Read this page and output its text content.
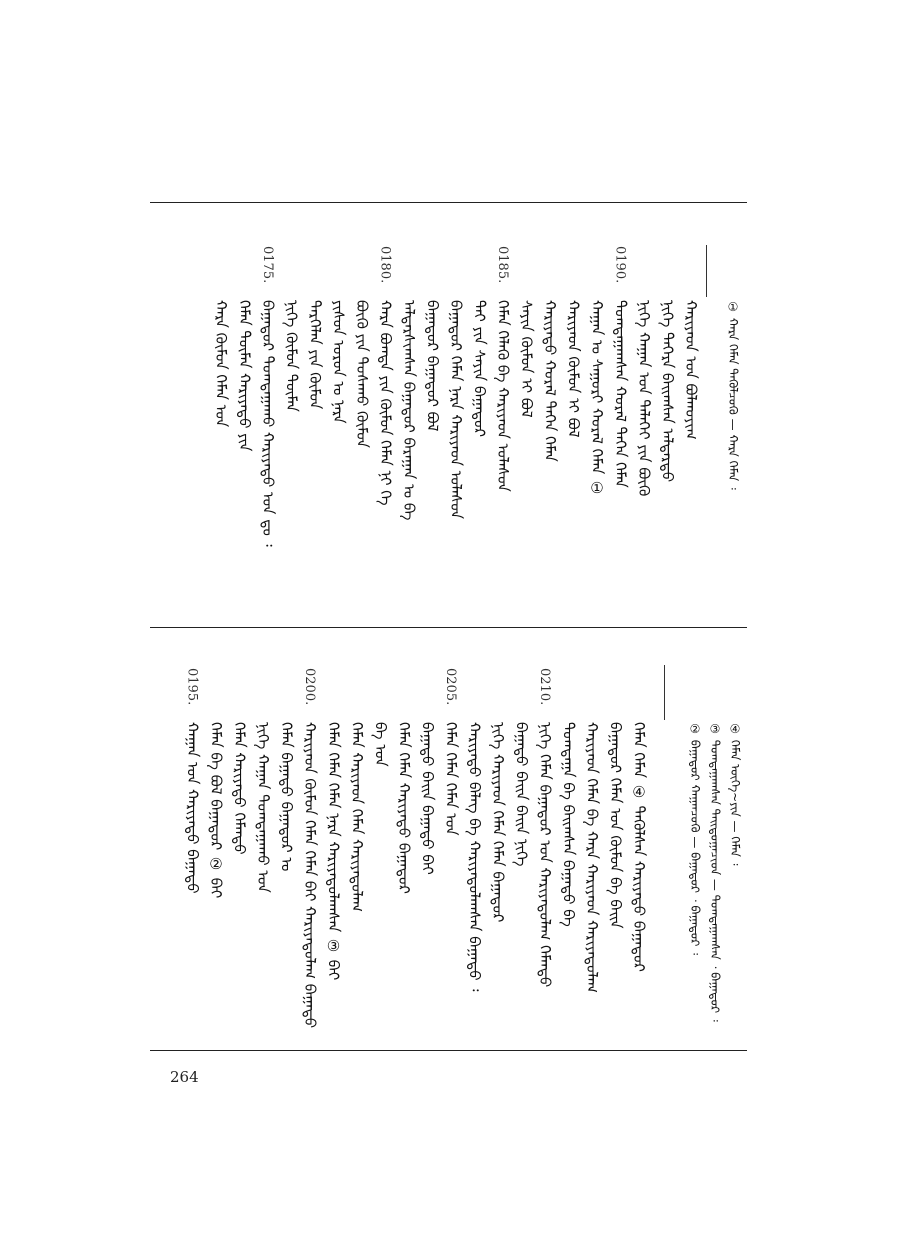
① ᠬᠠᠷᠠ ᠬᠡᠮᠡᠨ ᠲᠡᠭᠦᠯᠴᠦᠭᠦ — ᠬᠠᠷᠠ ᠬᠡᠮᠡᠨ ᠄
ᠬᠠᠷᠢᠶᠠᠳ ᠤᠨ ᠪᠣᠯᠬᠤᠶᠢᠭ
ᠨᠢᠭᠡ ᠳᠡᠭᠡᠷᠡ ᠪᠠᠢᠭᠰᠠᠨ ᠠᠯᠳᠠᠷᠲᠤ
ᠨᠢᠭᠡ ᠬᠠᠭᠠᠨ ᠤᠨ ᠳᠡᠯᠡᠬᠡᠢ ᠶᠢᠨ ᠪᠦᠬᠦ
ᠲᠣᠭᠲᠠᠭᠠᠭᠰᠠᠨ ᠬᠤᠷᠠᠯ ᠲᠡᠭᠡᠨ ᠬᠡᠮᠡᠨ
0190.
ᠬᠠᠭᠠᠨ ᠤ ᠰᠠᠭᠤᠷᠢ ᠬᠤᠷᠠᠯ ᠬᠡᠮᠡᠨ ①
ᠬᠠᠷᠢᠶᠠᠳ ᠬᠦᠮᠦᠨ ᠢ ᠪᠣᠯ
ᠬᠠᠷᠢᠶᠠᠲᠤ ᠬᠤᠷᠠᠯ ᠲᠡᠭᠡᠨ ᠬᠡᠮᠡᠨ
ᠰᠠᠶᠢᠨ ᠬᠦᠮᠦᠨ ᠢ ᠪᠣᠯ
ᠬᠡᠮᠡᠨ ᠬᠡᠯᠡᠬᠦ ᠪᠠ ᠬᠠᠷᠢᠶᠠᠳ ᠤᠯᠠᠰᠤᠨ
0185.
ᠲᠠᠢ ᠶᠢᠨ ᠰᠠᠶᠢᠨ ᠪᠠᠭᠠᠳᠤᠷ
ᠪᠠᠭᠠᠲᠤᠷ ᠬᠡᠮᠡᠨ ᠨᠡᠷᠡ ᠬᠠᠷᠢᠶᠠᠳ ᠤᠯᠠᠰᠤᠨ
ᠪᠠᠭᠠᠳᠤᠷ ᠪᠠᠭᠠᠳᠤᠷ ᠪᠣᠯ
ᠠᠯᠳᠠᠷᠰᠢᠭᠰᠠᠨ ᠪᠠᠭᠠᠲᠤᠷ ᠪᠠᠷᠠᠭᠠᠨ ᠤ ᠪᠠ
ᠬᠠᠷᠠ ᠪᠣᠭᠳᠠ ᠶᠢᠨ ᠬᠦᠮᠦᠨ ᠬᠡᠮᠡᠨ ᠨᠢ ᠭᠡ
0180.
ᠪᠦᠬᠦ ᠶᠢᠨ ᠲᠣᠰᠠᠬᠤ ᠬᠦᠮᠦᠨ
ᠶᠢᠰᠦᠨ ᠣᠷᠣᠨ ᠤ ᠨᠡᠷᠡ
ᠲᠡᠷᠭᠡᠯᠡᠨ ᠶᠢᠨ ᠬᠦᠮᠦᠨ
ᠨᠢᠭᠡ ᠬᠦᠮᠦᠨ ᠲᠦᠮᠡᠨ
ᠪᠠᠭᠠᠳᠤᠷ ᠲᠣᠭᠲᠠᠭᠠᠬᠤ ᠬᠠᠷᠢᠶᠠᠲᠤ ᠤᠨ ᠳᠤ ᠄
0175.
ᠬᠡᠮᠡᠨ ᠲᠦᠮᠡᠨ ᠬᠠᠷᠢᠶᠠᠲᠤ ᠶᠢᠨ
ᠬᠠᠷᠠ ᠬᠦᠮᠦᠨ ᠬᠡᠮᠡᠨ ᠤᠨ
④ ᠬᠡᠮᠡᠨ ᠦᠭᠡ~ᠶᠢᠨ — ᠬᠡᠮᠡᠨ ᠄
③ ᠲᠣᠭᠲᠠᠭᠠᠭᠰᠠᠨ ᠲᠠᠢᠳᠤᠭᠠᠴᠢᠳ — ᠲᠣᠭᠲᠠᠭᠠᠭᠰᠠᠨ ᠂ ᠪᠠᠭᠠᠳᠤᠷ ᠄
② ᠪᠠᠭᠠᠳᠤᠷ ᠬᠠᠭᠠᠨᠴᠦᠭᠦ — ᠪᠠᠭᠠᠳᠤᠷ ᠂ ᠪᠠᠭᠠᠲᠤᠷ ᠄
ᠬᠡᠮᠡᠨ ᠬᠡᠮᠡᠨ ④ ᠲᠡᠭᠦᠯᠰᠡᠨ ᠬᠠᠷᠢᠶᠠᠲᠤ ᠪᠠᠭᠠᠲᠤᠷ
ᠪᠠᠭᠠᠳᠤᠷ ᠬᠡᠮᠡᠨ ᠤᠨ ᠬᠦᠮᠦᠨ ᠪᠡ ᠪᠠᠢᠨ
ᠬᠠᠷᠢᠶᠠᠳ ᠬᠡᠮᠡᠨ ᠪᠡ ᠬᠠᠷᠠ ᠬᠠᠷᠢᠶᠠᠳ ᠬᠠᠷᠢᠶᠠᠲᠤᠯᠠᠭ
ᠲᠣᠭᠲᠠᠭᠠ ᠪᠡ ᠪᠠᠢᠭᠰᠠᠨ ᠪᠠᠭᠠᠲᠤ ᠪᠡ
ᠨᠢᠭᠡ ᠬᠡᠮᠡᠨ ᠪᠠᠭᠠᠲᠤᠷ ᠤᠨ ᠬᠠᠷᠢᠶᠠᠲᠤᠯᠠᠭ ᠬᠡᠮᠡᠨᠲᠦ
0210.
ᠪᠠᠭᠠᠲᠤ ᠪᠠᠢᠨ ᠪᠠᠢᠨ ᠨᠢᠭᠡ
ᠨᠢᠭᠡ ᠬᠠᠷᠢᠶᠠᠳ ᠬᠡᠮᠡᠨ ᠬᠡᠮᠡᠨ ᠪᠠᠭᠠᠳᠤᠷ
ᠬᠠᠷᠢᠶᠠᠲᠤ ᠪᠡᠯᠡᠭ ᠪᠠ ᠬᠠᠷᠢᠶᠠᠲᠤᠯᠠᠭᠰᠠᠨ ᠪᠠᠭᠠᠲᠤ ᠄
ᠬᠡᠮᠡᠨ ᠬᠡᠮᠡᠨ ᠬᠡᠮᠡᠨ ᠤᠨ
0205.
ᠪᠠᠭᠠᠲᠤ ᠪᠠᠢᠨ ᠪᠠᠭᠠᠲᠤ ᠪᠠᠢ
ᠬᠡᠮᠡᠨ ᠬᠡᠮᠡᠨ ᠬᠠᠷᠢᠶᠠᠲᠤ ᠪᠠᠭᠠᠳᠤᠷ
ᠪᠡ ᠤᠨ
ᠬᠡᠮᠡᠨ ᠬᠠᠷᠢᠶᠠᠳ ᠬᠡᠮᠡᠨ ᠬᠠᠷᠢᠶᠠᠲᠤᠯᠠᠭ
ᠬᠡᠮᠡᠨ ᠬᠡᠮᠡᠨ ᠬᠡᠮᠡᠨ ᠨᠡᠷᠡ ᠬᠠᠷᠢᠶᠠᠲᠤᠯᠠᠭᠰᠠᠨ ③ ᠪᠠᠢ
ᠬᠠᠷᠢᠶᠠᠳ ᠬᠦᠮᠦᠨ ᠬᠡᠮᠡᠨ ᠬᠡᠮᠡᠨ ᠪᠠᠢ ᠬᠠᠷᠢᠶᠠᠲᠤᠯᠠᠭ ᠪᠠᠭᠠᠲᠤ
0200.
ᠬᠡᠮᠡᠨ ᠪᠠᠭᠠᠲᠤ ᠪᠠᠭᠠᠳᠤᠷ ᠣ
ᠨᠢᠭᠡ ᠬᠠᠭᠠᠨ ᠲᠣᠭᠲᠠᠭᠠᠬᠤ ᠤᠨ
ᠬᠡᠮᠡᠨ ᠬᠠᠷᠢᠶᠠᠲᠤ ᠬᠡᠮᠡᠨᠲᠦ
ᠬᠡᠮᠡᠨ ᠪᠠ ᠪᠣᠯ ᠪᠠᠭᠠᠳᠤᠷ ② ᠪᠠᠢ
ᠬᠠᠭᠠᠨ ᠤᠨ ᠬᠠᠷᠢᠶᠠᠲᠤ ᠪᠠᠭᠠᠲᠤ
0195.
264
